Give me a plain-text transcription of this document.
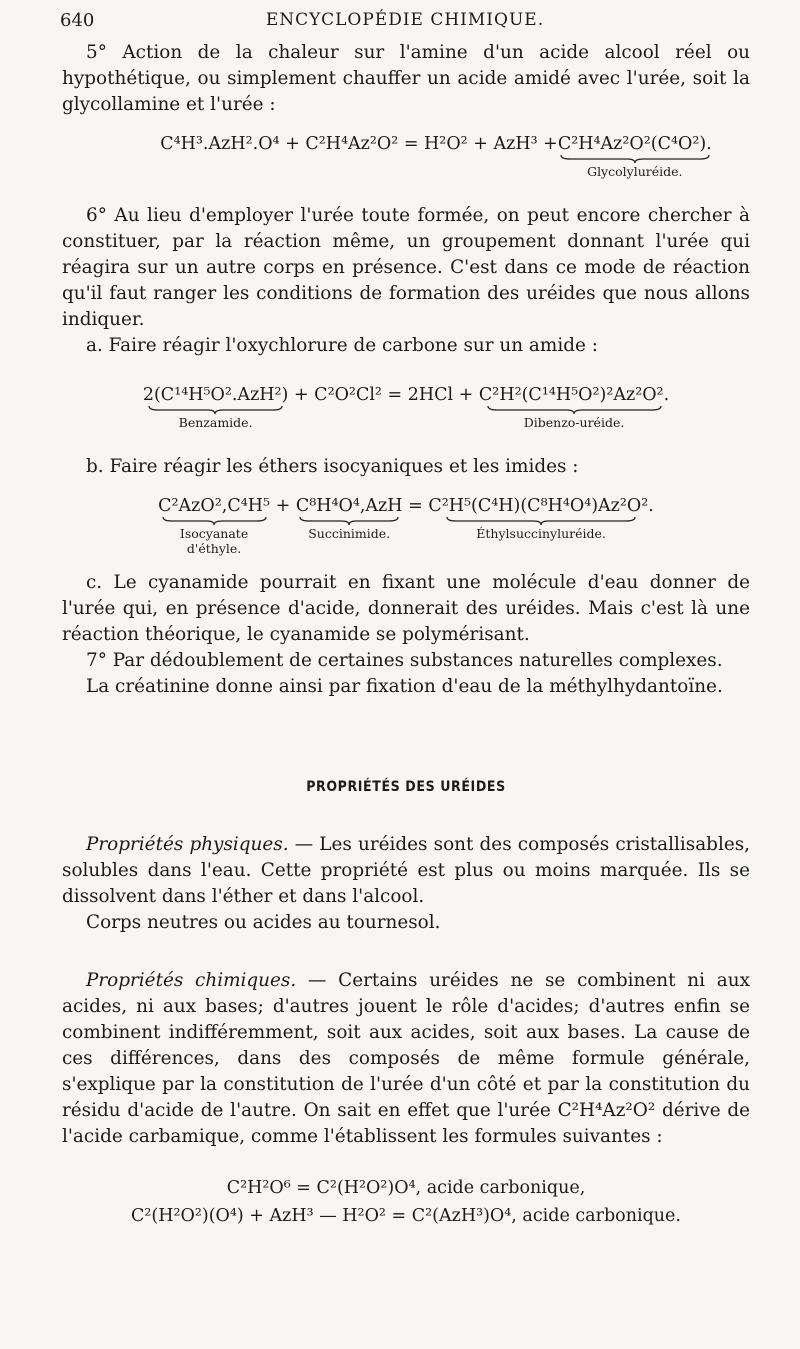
640	ENCYCLOPÉDIE CHIMIQUE.

5° Action de la chaleur sur l'amine d'un acide alcool réel ou hypothétique, ou simplement chauffer un acide amidé avec l'urée, soit la glycollamine et l'urée :

C⁴H³.AzH².O⁴ + C²H⁴Az²O² = H²O² + AzH³ + C²H⁴Az²O²(C⁴O²).
Glycolyluréide.

6° Au lieu d'employer l'urée toute formée, on peut encore chercher à constituer, par la réaction même, un groupement donnant l'urée qui réagira sur un autre corps en présence. C'est dans ce mode de réaction qu'il faut ranger les conditions de formation des uréides que nous allons indiquer.

a. Faire réagir l'oxychlorure de carbone sur un amide :

2(C¹⁴H⁵O².AzH²)
Benzamide.
+ C²O²Cl² = 2HCl + C²H²(C¹⁴H⁵O²)²Az²O².
Dibenzo-uréide.

b. Faire réagir les éthers isocyaniques et les imides :

C²AzO²,C⁴H⁵
Isocyanate d'éthyle.
+ C⁸H⁴O⁴,AzH
Succinimide.
= C²H⁵(C⁴H)(C⁸H⁴O⁴)Az²O².
Éthylsuccinyluréide.

c. Le cyanamide pourrait en fixant une molécule d'eau donner de l'urée qui, en présence d'acide, donnerait des uréides. Mais c'est là une réaction théorique, le cyanamide se polymérisant.

7° Par dédoublement de certaines substances naturelles complexes.

La créatinine donne ainsi par fixation d'eau de la méthylhydantoïne.

PROPRIÉTÉS DES URÉIDES

Propriétés physiques. — Les uréides sont des composés cristallisables, solubles dans l'eau. Cette propriété est plus ou moins marquée. Ils se dissolvent dans l'éther et dans l'alcool.

Corps neutres ou acides au tournesol.

Propriétés chimiques. — Certains uréides ne se combinent ni aux acides, ni aux bases; d'autres jouent le rôle d'acides; d'autres enfin se combinent indifféremment, soit aux acides, soit aux bases. La cause de ces différences, dans des composés de même formule générale, s'explique par la constitution de l'urée d'un côté et par la constitution du résidu d'acide de l'autre. On sait en effet que l'urée C²H⁴Az²O² dérive de l'acide carbamique, comme l'établissent les formules suivantes :

C²H²O⁶ = C²(H²O²)O⁴, acide carbonique,
C²(H²O²)(O⁴) + AzH³ — H²O² = C²(AzH³)O⁴, acide carbonique.
